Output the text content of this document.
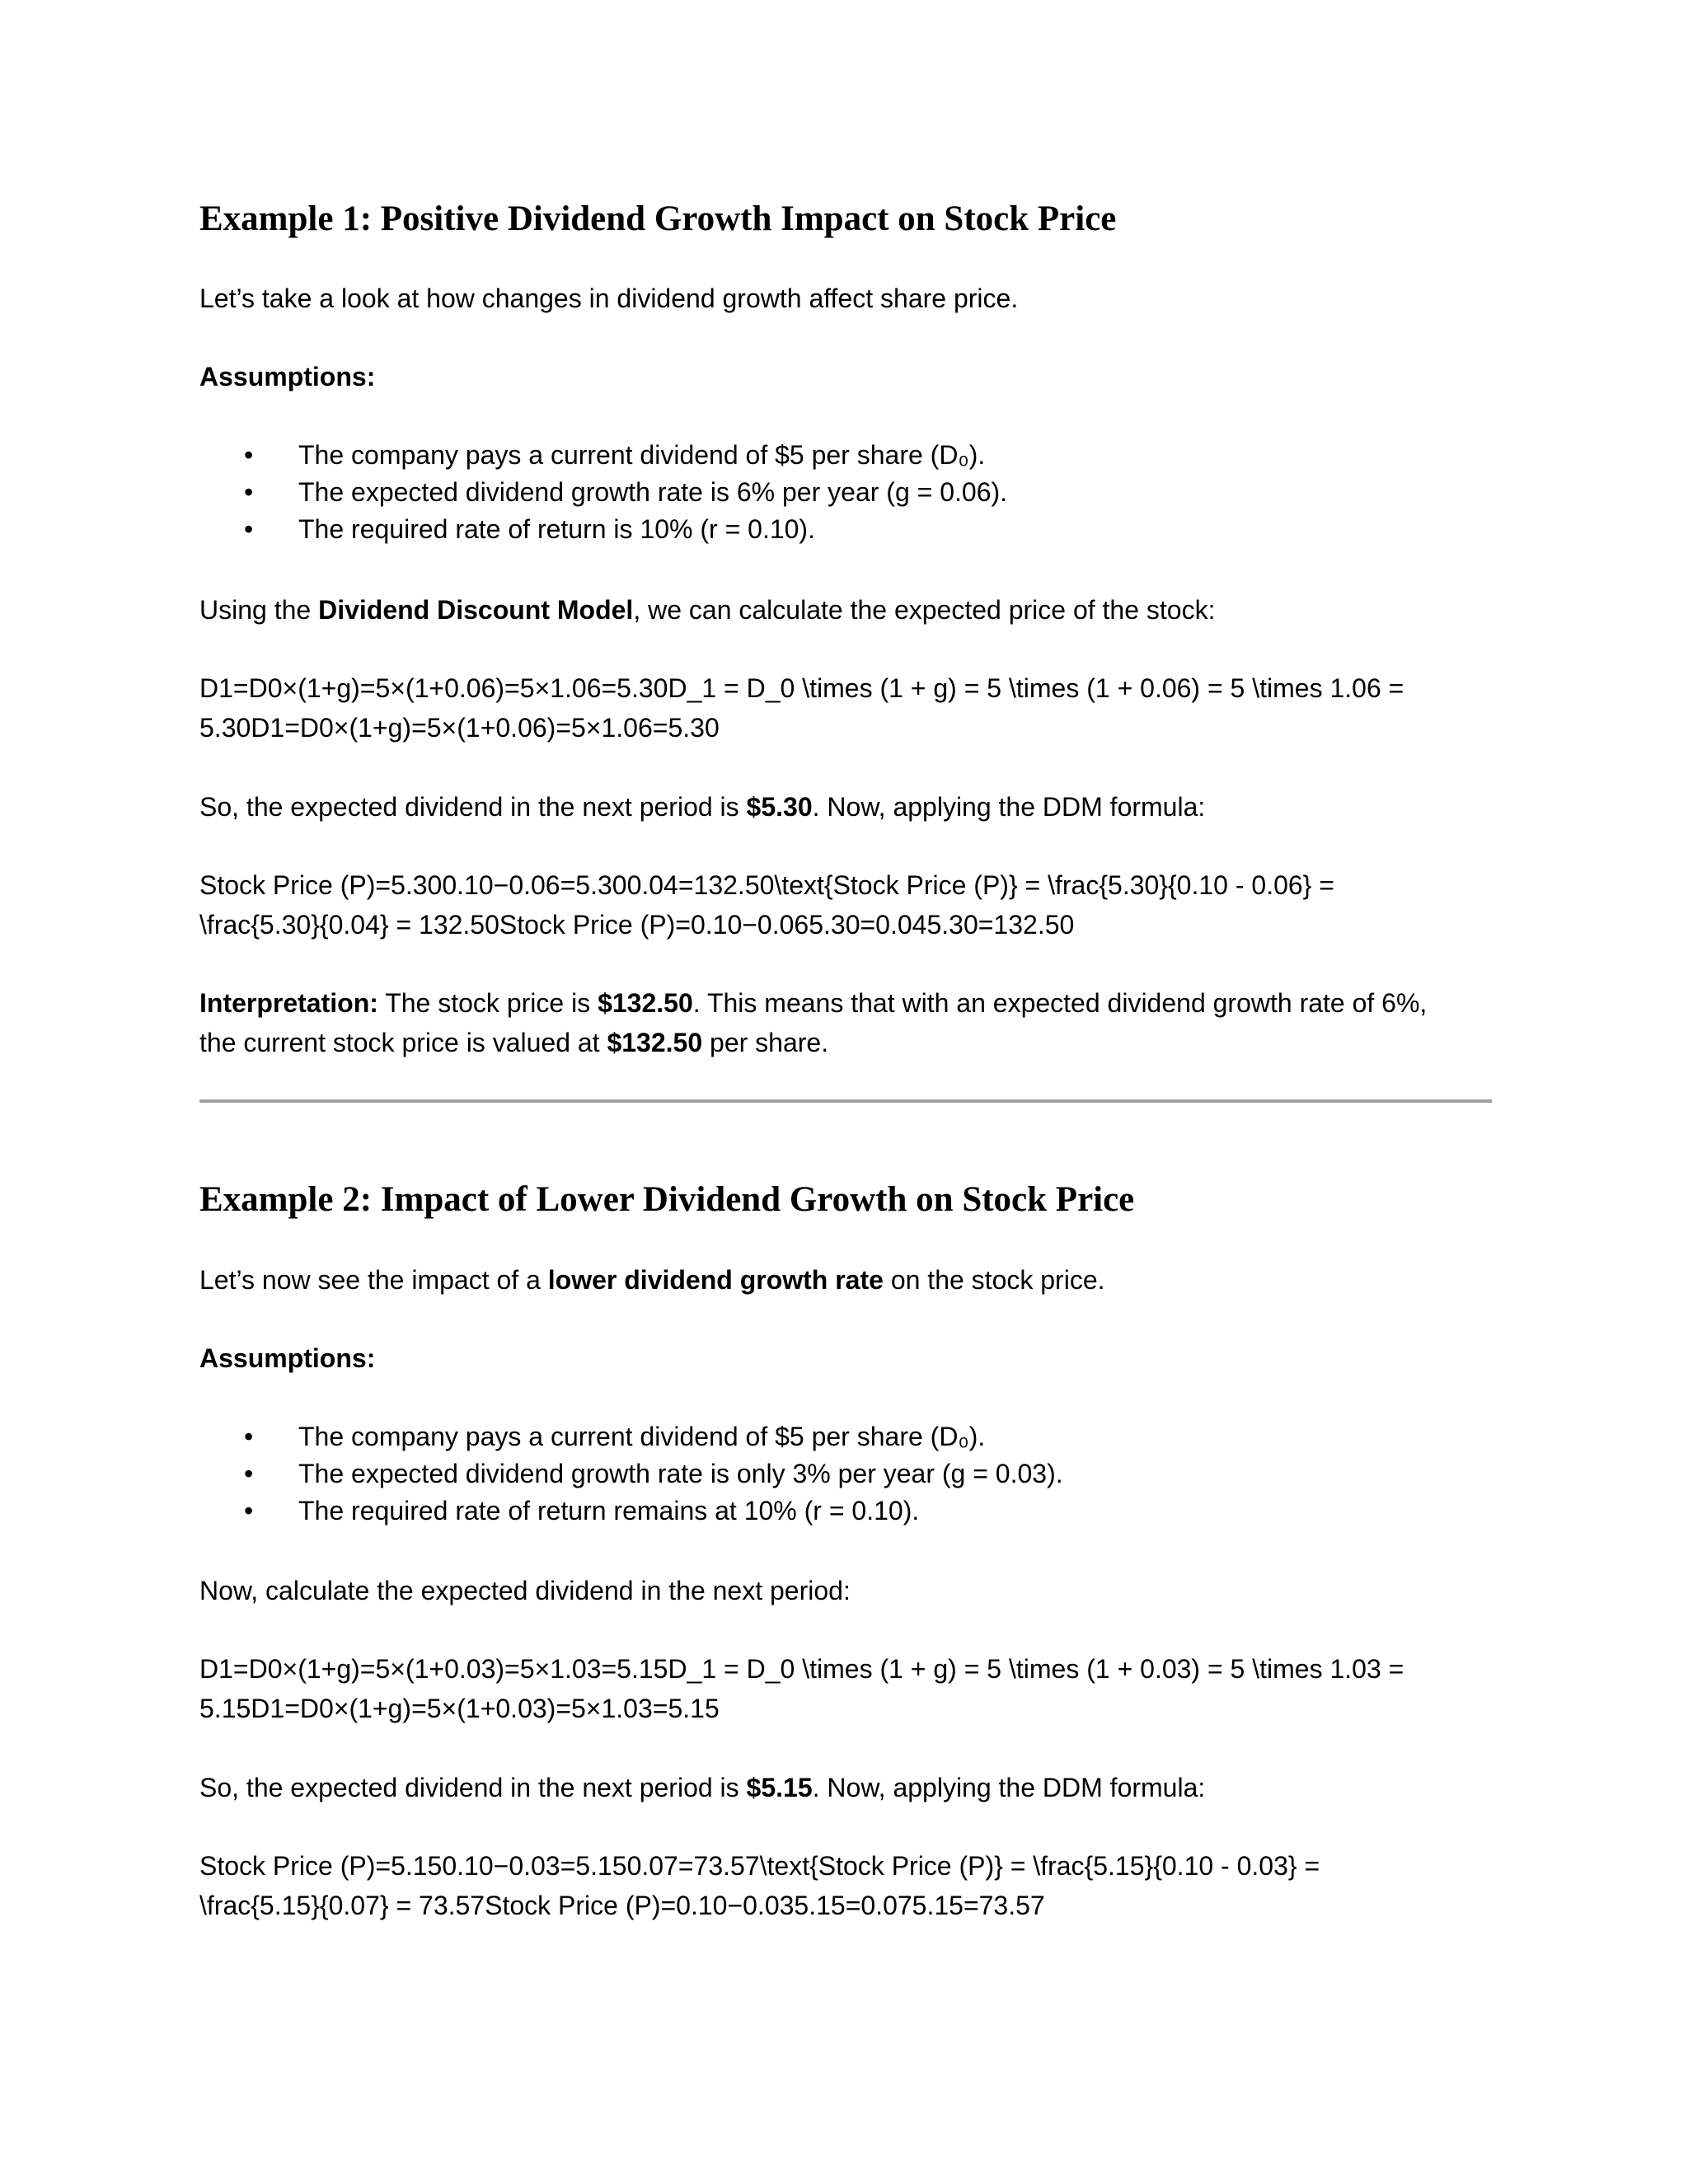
Example 1: Positive Dividend Growth Impact on Stock Price

Let’s take a look at how changes in dividend growth affect share price.

Assumptions:

• The company pays a current dividend of $5 per share (D₀).
• The expected dividend growth rate is 6% per year (g = 0.06).
• The required rate of return is 10% (r = 0.10).

Using the Dividend Discount Model, we can calculate the expected price of the stock:

D1=D0×(1+g)=5×(1+0.06)=5×1.06=5.30D_1 = D_0 \times (1 + g) = 5 \times (1 + 0.06) = 5 \times 1.06 = 5.30D1=D0×(1+g)=5×(1+0.06)=5×1.06=5.30

So, the expected dividend in the next period is $5.30. Now, applying the DDM formula:

Stock Price (P)=5.300.10−0.06=5.300.04=132.50\text{Stock Price (P)} = \frac{5.30}{0.10 - 0.06} = \frac{5.30}{0.04} = 132.50Stock Price (P)=0.10−0.065.30=0.045.30=132.50

Interpretation: The stock price is $132.50. This means that with an expected dividend growth rate of 6%, the current stock price is valued at $132.50 per share.

Example 2: Impact of Lower Dividend Growth on Stock Price

Let’s now see the impact of a lower dividend growth rate on the stock price.

Assumptions:

• The company pays a current dividend of $5 per share (D₀).
• The expected dividend growth rate is only 3% per year (g = 0.03).
• The required rate of return remains at 10% (r = 0.10).

Now, calculate the expected dividend in the next period:

D1=D0×(1+g)=5×(1+0.03)=5×1.03=5.15D_1 = D_0 \times (1 + g) = 5 \times (1 + 0.03) = 5 \times 1.03 = 5.15D1=D0×(1+g)=5×(1+0.03)=5×1.03=5.15

So, the expected dividend in the next period is $5.15. Now, applying the DDM formula:

Stock Price (P)=5.150.10−0.03=5.150.07=73.57\text{Stock Price (P)} = \frac{5.15}{0.10 - 0.03} = \frac{5.15}{0.07} = 73.57Stock Price (P)=0.10−0.035.15=0.075.15=73.57
